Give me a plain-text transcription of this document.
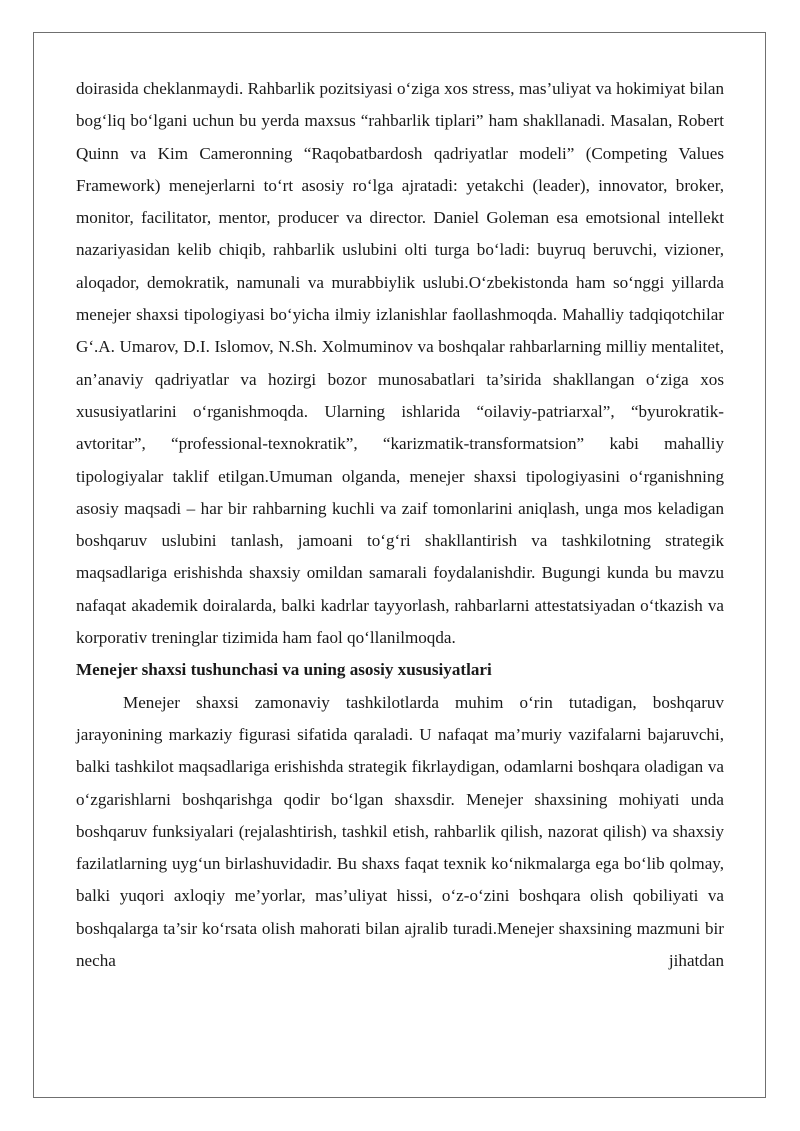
doirasida cheklanmaydi. Rahbarlik pozitsiyasi o‘ziga xos stress, mas’uliyat va hokimiyat bilan bog‘liq bo‘lgani uchun bu yerda maxsus “rahbarlik tiplari” ham shakllanadi. Masalan, Robert Quinn va Kim Cameronning “Raqobatbardosh qadriyatlar modeli” (Competing Values Framework) menejerlarni to‘rt asosiy ro‘lga ajratadi: yetakchi (leader), innovator, broker, monitor, facilitator, mentor, producer va director. Daniel Goleman esa emotsional intellekt nazariyasidan kelib chiqib, rahbarlik uslubini olti turga bo‘ladi: buyruq beruvchi, vizioner, aloqador, demokratik, namunali va murabbiylik uslubi.O‘zbekistonda ham so‘nggi yillarda menejer shaxsi tipologiyasi bo‘yicha ilmiy izlanishlar faollashmoqda. Mahalliy tadqiqotchilar G‘.A. Umarov, D.I. Islomov, N.Sh. Xolmuminov va boshqalar rahbarlarning milliy mentalitet, an’anaviy qadriyatlar va hozirgi bozor munosabatlari ta’sirida shakllangan o‘ziga xos xususiyatlarini o‘rganishmoqda. Ularning ishlarida “oilaviy-patriarxal”, “byurokratik-avtoritar”, “professional-texnokratik”, “karizmatik-transformatsion” kabi mahalliy tipologiyalar taklif etilgan.Umuman olganda, menejer shaxsi tipologiyasini o‘rganishning asosiy maqsadi – har bir rahbarning kuchli va zaif tomonlarini aniqlash, unga mos keladigan boshqaruv uslubini tanlash, jamoani to‘g‘ri shakllantirish va tashkilotning strategik maqsadlariga erishishda shaxsiy omildan samarali foydalanishdir. Bugungi kunda bu mavzu nafaqat akademik doiralarda, balki kadrlar tayyorlash, rahbarlarni attestatsiyadan o‘tkazish va korporativ treninglar tizimida ham faol qo‘llanilmoqda.

Menejer shaxsi tushunchasi va uning asosiy xususiyatlari

Menejer shaxsi zamonaviy tashkilotlarda muhim o‘rin tutadigan, boshqaruv jarayonining markaziy figurasi sifatida qaraladi. U nafaqat ma’muriy vazifalarni bajaruvchi, balki tashkilot maqsadlariga erishishda strategik fikrlaydigan, odamlarni boshqara oladigan va o‘zgarishlarni boshqarishga qodir bo‘lgan shaxsdir. Menejer shaxsining mohiyati unda boshqaruv funksiyalari (rejalashtirish, tashkil etish, rahbarlik qilish, nazorat qilish) va shaxsiy fazilatlarning uyg‘un birlashuvidadir. Bu shaxs faqat texnik ko‘nikmalarga ega bo‘lib qolmay, balki yuqori axloqiy me’yorlar, mas’uliyat hissi, o‘z-o‘zini boshqara olish qobiliyati va boshqalarga ta’sir ko‘rsata olish mahorati bilan ajralib turadi.Menejer shaxsining mazmuni bir necha jihatdan
